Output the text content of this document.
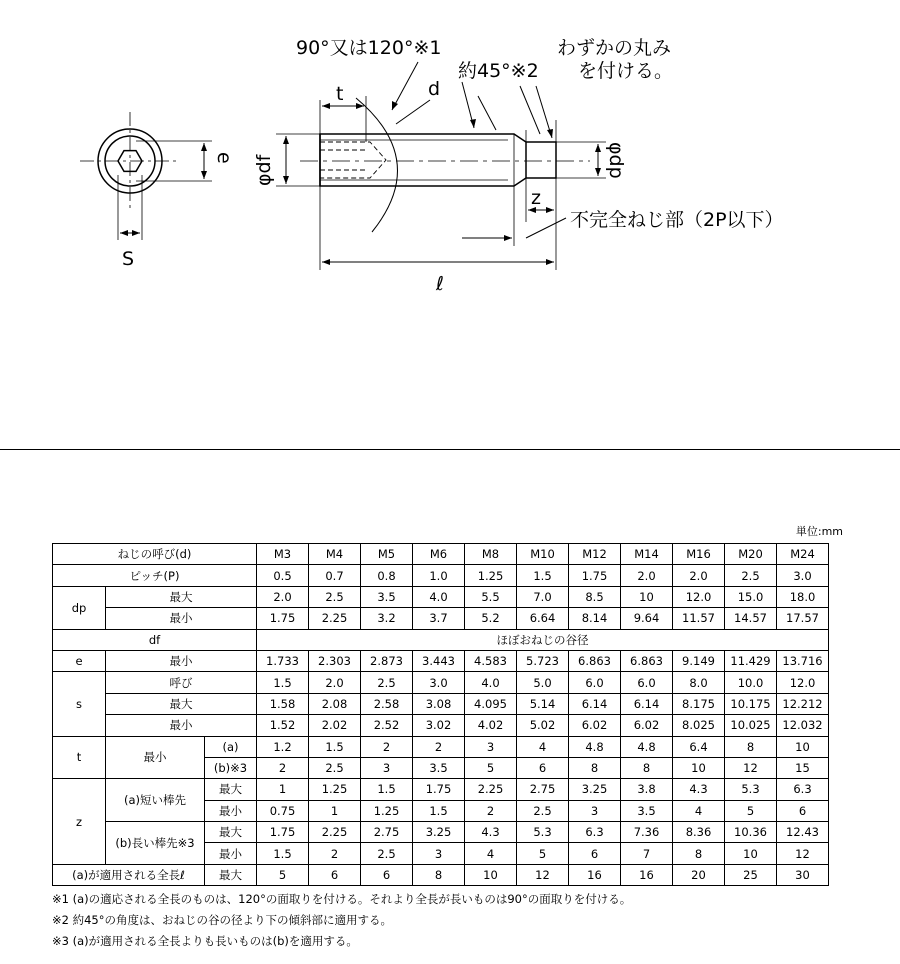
90°又は120°※1
約45°※2
わずかの丸み
を付ける。
t	d
φdf	φdp
z
不完全ねじ部（2P以下）
ℓ
e
S
単位:mm
ねじの呼び(d)			M3	M4	M5	M6	M8	M10	M12	M14	M16	M20	M24
ピッチ(P)			0.5	0.7	0.8	1.0	1.25	1.5	1.75	2.0	2.0	2.5	3.0
dp	最大		2.0	2.5	3.5	4.0	5.5	7.0	8.5	10	12.0	15.0	18.0
	最小		1.75	2.25	3.2	3.7	5.2	6.64	8.14	9.64	11.57	14.57	17.57
df			ほぼおねじの谷径										
e	最小		1.733	2.303	2.873	3.443	4.583	5.723	6.863	6.863	9.149	11.429	13.716
s	呼び		1.5	2.0	2.5	3.0	4.0	5.0	6.0	6.0	8.0	10.0	12.0
	最大		1.58	2.08	2.58	3.08	4.095	5.14	6.14	6.14	8.175	10.175	12.212
	最小		1.52	2.02	2.52	3.02	4.02	5.02	6.02	6.02	8.025	10.025	12.032
t	最小	(a)	1.2	1.5	2	2	3	4	4.8	4.8	6.4	8	10
		(b)※3	2	2.5	3	3.5	5	6	8	8	10	12	15
z	(a)短い棒先	最大	1	1.25	1.5	1.75	2.25	2.75	3.25	3.8	4.3	5.3	6.3
		最小	0.75	1	1.25	1.5	2	2.5	3	3.5	4	5	6
	(b)長い棒先※3	最大	1.75	2.25	2.75	3.25	4.3	5.3	6.3	7.36	8.36	10.36	12.43
		最小	1.5	2	2.5	3	4	5	6	7	8	10	12
(a)が適用される全長ℓ		最大	5	6	6	8	10	12	16	16	20	25	30
※1 (a)の適応される全長のものは、120°の面取りを付ける。それより全長が長いものは90°の面取りを付ける。
※2 約45°の角度は、おねじの谷の径より下の傾斜部に適用する。
※3 (a)が適用される全長よりも長いものは(b)を適用する。
